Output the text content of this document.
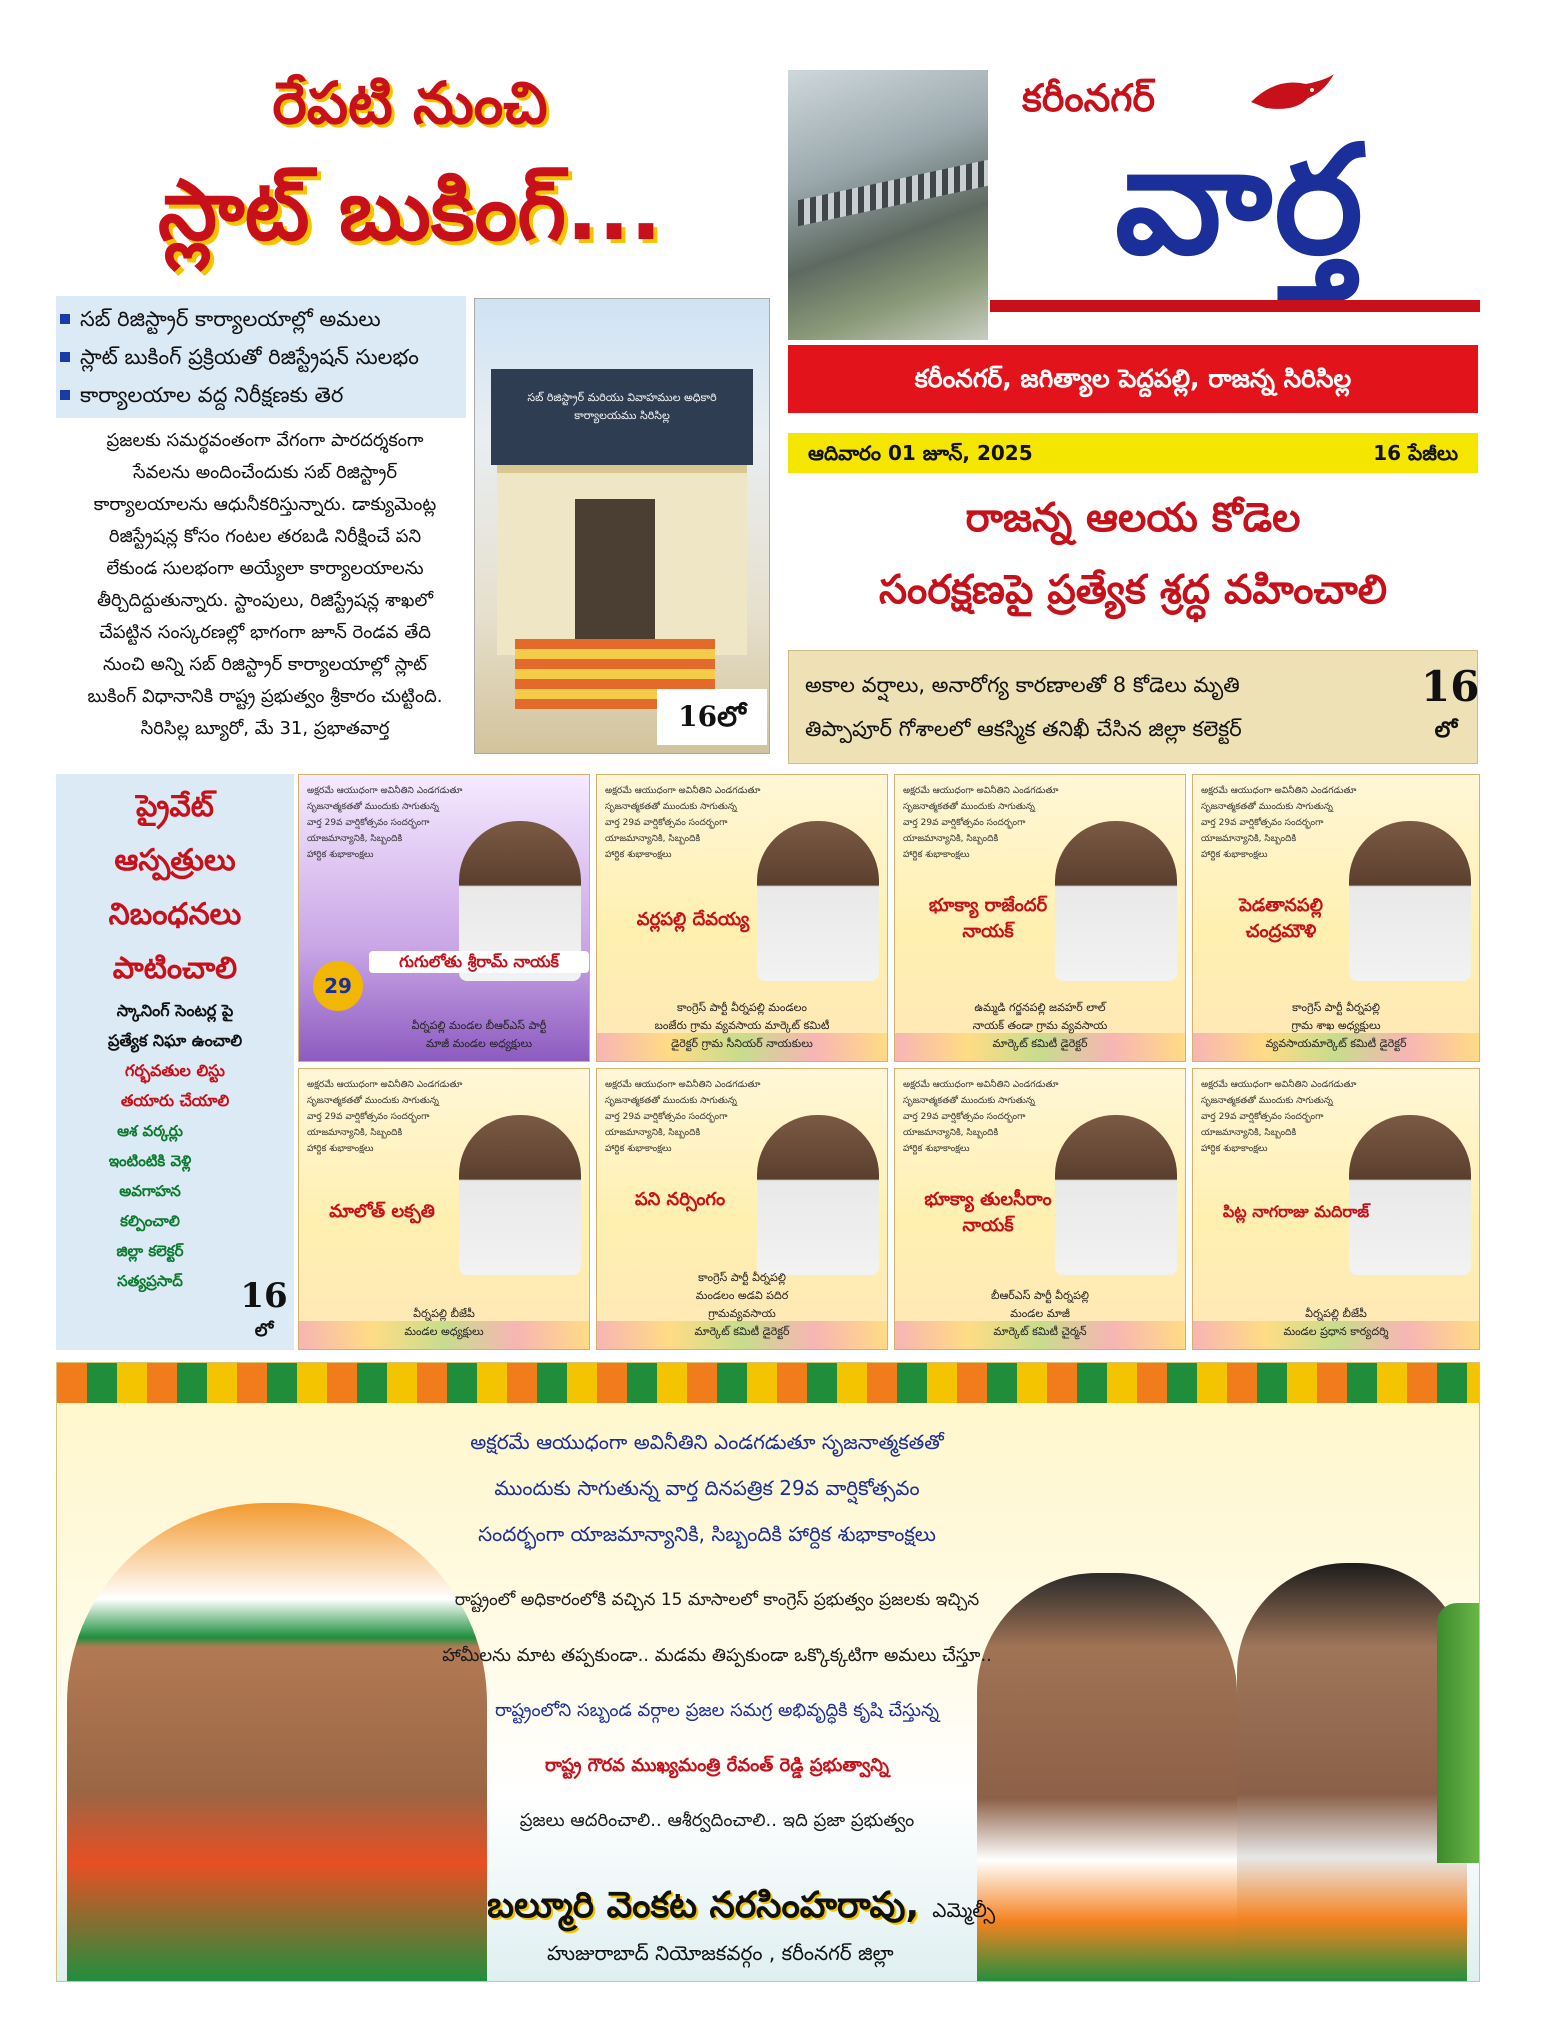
రేపటి నుంచి
స్లాట్ బుకింగ్...
సబ్ రిజిస్ట్రార్ కార్యాలయాల్లో అమలు
స్లాట్ బుకింగ్ ప్రక్రియతో రిజిస్ట్రేషన్ సులభం
కార్యాలయాల వద్ద నిరీక్షణకు తెర
ప్రజలకు సమర్థవంతంగా వేగంగా పారదర్శకంగా
సేవలను అందించేందుకు సబ్ రిజిస్ట్రార్
కార్యాలయాలను ఆధునీకరిస్తున్నారు. డాక్యుమెంట్ల
రిజిస్ట్రేషన్ల కోసం గంటల తరబడి నిరీక్షించే పని
లేకుండ సులభంగా అయ్యేలా కార్యాలయాలను
తీర్చిదిద్దుతున్నారు. స్టాంపులు, రిజిస్ట్రేషన్ల శాఖలో
చేపట్టిన సంస్కరణల్లో భాగంగా జూన్ రెండవ తేది
నుంచి అన్ని సబ్ రిజిస్ట్రార్ కార్యాలయాల్లో స్లాట్
బుకింగ్ విధానానికి రాష్ట్ర ప్రభుత్వం శ్రీకారం చుట్టింది.
సిరిసిల్ల బ్యూరో, మే 31, ప్రభాతవార్త
సబ్ రిజిస్ట్రార్ మరియు వివాహముల అధికారి కార్యాలయము సిరిసిల్ల
16లో
కరీంనగర్
వార్త
కరీంనగర్, జగిత్యాల పెద్దపల్లి, రాజన్న సిరిసిల్ల
ఆదివారం 01 జూన్, 2025	16 పేజీలు
రాజన్న ఆలయ కోడెల
సంరక్షణపై ప్రత్యేక శ్రద్ధ వహించాలి
అకాల వర్షాలు, అనారోగ్య కారణాలతో 8 కోడెలు మృతి
తిప్పాపూర్ గోశాలలో ఆకస్మిక తనిఖీ చేసిన జిల్లా కలెక్టర్
16
లో
ప్రైవేట్
ఆస్పత్రులు
నిబంధనలు
పాటించాలి
స్కానింగ్ సెంటర్ల పై
ప్రత్యేక నిఘా ఉంచాలి
గర్భవతుల లిస్టు
తయారు చేయాలి
ఆశ వర్కర్లు
ఇంటింటికి వెళ్లి
అవగాహన
కల్పించాలి
జిల్లా కలెక్టర్
సత్యప్రసాద్	16
లో
అక్షరమే ఆయుధంగా అవినీతిని ఎండగడుతూ
సృజనాత్మకతతో ముందుకు సాగుతున్న
వార్త 29వ వార్షికోత్సవం సందర్భంగా
యాజమాన్యానికి, సిబ్బందికి
హార్దిక శుభాకాంక్షలు
29
గుగులోతు శ్రీరామ్ నాయక్
వీర్నపల్లి మండల బీఆర్ఎస్ పార్టీ
మాజీ మండల అధ్యక్షులు
అక్షరమే ఆయుధంగా అవినీతిని ఎండగడుతూ
సృజనాత్మకతతో ముందుకు సాగుతున్న
వార్త 29వ వార్షికోత్సవం సందర్భంగా
యాజమాన్యానికి, సిబ్బందికి
హార్దిక శుభాకాంక్షలు
వర్లపల్లి దేవయ్య
కాంగ్రెస్ పార్టీ వీర్నపల్లి మండలం
బంజేరు గ్రామ వ్యవసాయ మార్కెట్ కమిటీ
డైరెక్టర్ గ్రామ సీనియర్ నాయకులు
అక్షరమే ఆయుధంగా అవినీతిని ఎండగడుతూ
సృజనాత్మకతతో ముందుకు సాగుతున్న
వార్త 29వ వార్షికోత్సవం సందర్భంగా
యాజమాన్యానికి, సిబ్బందికి
హార్దిక శుభాకాంక్షలు
భూక్యా రాజేందర్ నాయక్
ఉమ్మడి గర్జనపల్లి జవహర్ లాల్
నాయక్ తండా గ్రామ వ్యవసాయ
మార్కెట్ కమిటీ డైరెక్టర్
అక్షరమే ఆయుధంగా అవినీతిని ఎండగడుతూ
సృజనాత్మకతతో ముందుకు సాగుతున్న
వార్త 29వ వార్షికోత్సవం సందర్భంగా
యాజమాన్యానికి, సిబ్బందికి
హార్దిక శుభాకాంక్షలు
పెడతానపల్లి చంద్రమౌళి
కాంగ్రెస్ పార్టీ వీర్నపల్లి
గ్రామ శాఖ అధ్యక్షులు
వ్యవసాయమార్కెట్ కమిటీ డైరెక్టర్
అక్షరమే ఆయుధంగా అవినీతిని ఎండగడుతూ
సృజనాత్మకతతో ముందుకు సాగుతున్న
వార్త 29వ వార్షికోత్సవం సందర్భంగా
యాజమాన్యానికి, సిబ్బందికి
హార్దిక శుభాకాంక్షలు
మాలోత్ లక్పతి
వీర్నపల్లి బీజేపీ
మండల అధ్యక్షులు
అక్షరమే ఆయుధంగా అవినీతిని ఎండగడుతూ
సృజనాత్మకతతో ముందుకు సాగుతున్న
వార్త 29వ వార్షికోత్సవం సందర్భంగా
యాజమాన్యానికి, సిబ్బందికి
హార్దిక శుభాకాంక్షలు
పని నర్సింగం
కాంగ్రెస్ పార్టీ వీర్నపల్లి
మండలం అడవి పదిర
గ్రామవ్యవసాయ
మార్కెట్ కమిటీ డైరెక్టర్
అక్షరమే ఆయుధంగా అవినీతిని ఎండగడుతూ
సృజనాత్మకతతో ముందుకు సాగుతున్న
వార్త 29వ వార్షికోత్సవం సందర్భంగా
యాజమాన్యానికి, సిబ్బందికి
హార్దిక శుభాకాంక్షలు
భూక్యా తులసీరాం నాయక్
బీఆర్ఎస్ పార్టీ వీర్నపల్లి
మండల మాజీ
మార్కెట్ కమిటీ చైర్మన్
అక్షరమే ఆయుధంగా అవినీతిని ఎండగడుతూ
సృజనాత్మకతతో ముందుకు సాగుతున్న
వార్త 29వ వార్షికోత్సవం సందర్భంగా
యాజమాన్యానికి, సిబ్బందికి
హార్దిక శుభాకాంక్షలు
పిట్ల నాగరాజు మదిరాజ్
వీర్నపల్లి బీజేపీ
మండల ప్రధాన కార్యదర్శి
అక్షరమే ఆయుధంగా అవినీతిని ఎండగడుతూ సృజనాత్మకతతో
ముందుకు సాగుతున్న వార్త దినపత్రిక 29వ వార్షికోత్సవం
సందర్భంగా యాజమాన్యానికి, సిబ్బందికి హార్దిక శుభాకాంక్షలు
రాష్ట్రంలో అధికారంలోకి వచ్చిన 15 మాసాలలో కాంగ్రెస్ ప్రభుత్వం ప్రజలకు ఇచ్చిన
హామీలను మాట తప్పకుండా.. మడమ తిప్పకుండా ఒక్కొక్కటిగా అమలు చేస్తూ..
రాష్ట్రంలోని సబ్బండ వర్గాల ప్రజల సమగ్ర అభివృద్ధికి కృషి చేస్తున్న
రాష్ట్ర గౌరవ ముఖ్యమంత్రి రేవంత్ రెడ్డి ప్రభుత్వాన్ని
ప్రజలు ఆదరించాలి.. ఆశీర్వదించాలి.. ఇది ప్రజా ప్రభుత్వం
బల్మూరి వెంకట నరసింహరావు, ఎమ్మెల్సీ
హుజురాబాద్ నియోజకవర్గం , కరీంనగర్ జిల్లా
